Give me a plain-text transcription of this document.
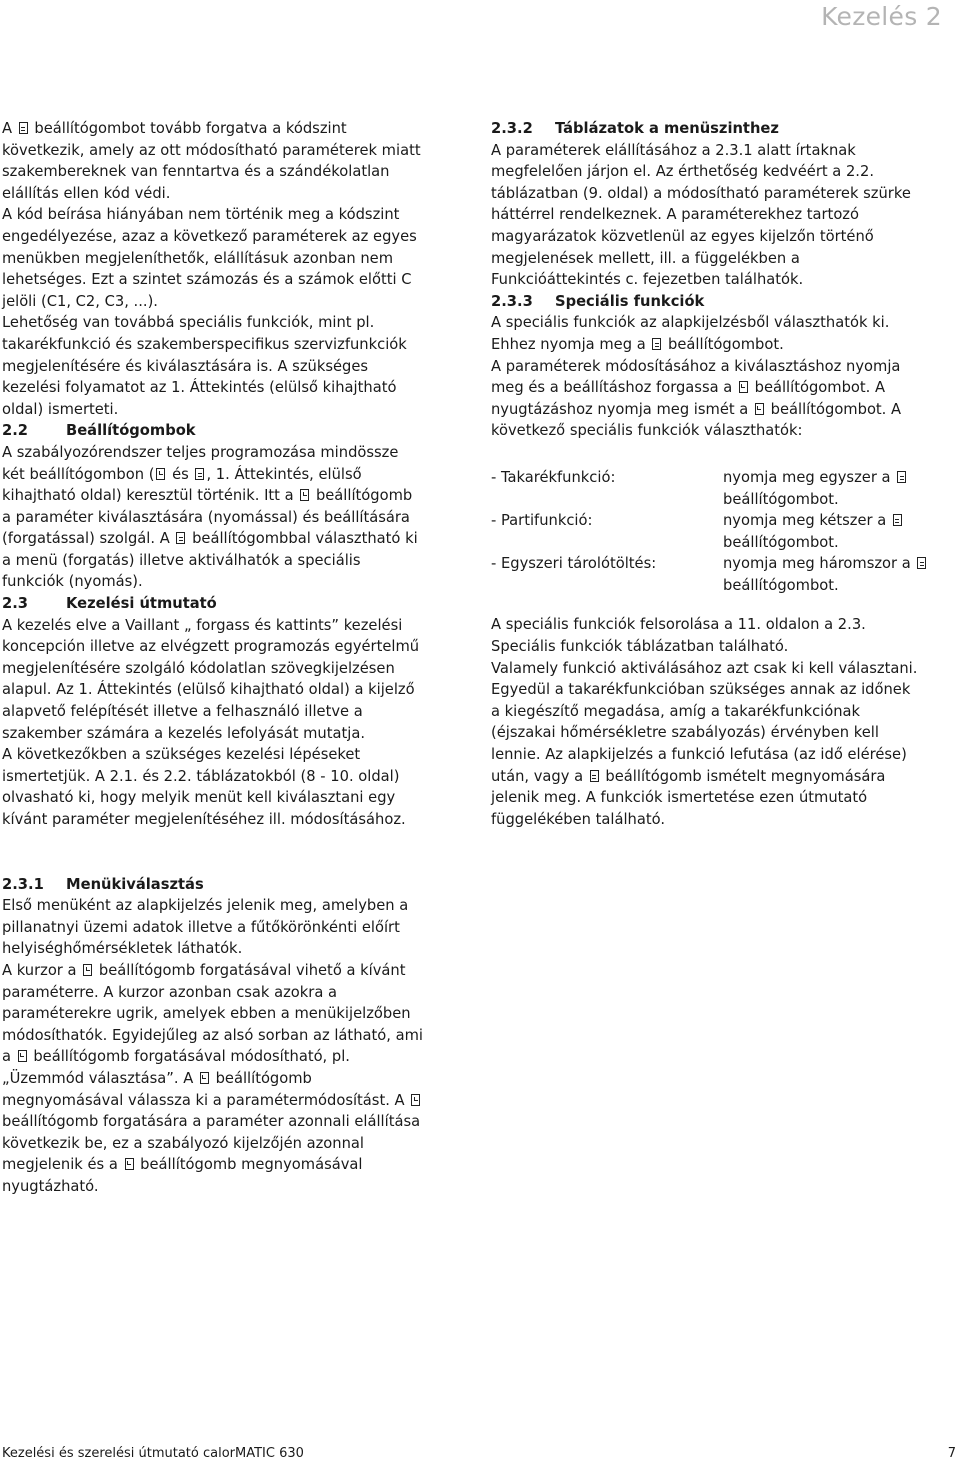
Kezelés 2

A  beállítógombot tovább forgatva a kódszint
következik, amely az ott módosítható paraméterek miatt
szakembereknek van fenntartva és a szándékolatlan
elállítás ellen kód védi.
A kód beírása hiányában nem történik meg a kódszint
engedélyezése, azaz a következő paraméterek az egyes
menükben megjeleníthetők, elállításuk azonban nem
lehetséges. Ezt a szintet számozás és a számok előtti C
jelöli (C1, C2, C3, ...).
Lehetőség van továbbá speciális funkciók, mint pl.
takarékfunkció és szakemberspecifikus szervizfunkciók
megjelenítésére és kiválasztására is. A szükséges
kezelési folyamatot az 1. Áttekintés (elülső kihajtható
oldal) ismerteti.

2.2	Beállítógombok

A szabályozórendszer teljes programozása mindössze
két beállítógombon ( és , 1. Áttekintés, elülső
kihajtható oldal) keresztül történik. Itt a  beállítógomb
a paraméter kiválasztására (nyomással) és beállítására
(forgatással) szolgál. A  beállítógombbal választható ki
a menü (forgatás) illetve aktiválhatók a speciális
funkciók (nyomás).

2.3	Kezelési útmutató

A kezelés elve a Vaillant „ forgass és kattints” kezelési
koncepción illetve az elvégzett programozás egyértelmű
megjelenítésére szolgáló kódolatlan szövegkijelzésen
alapul. Az 1. Áttekintés (elülső kihajtható oldal) a kijelző
alapvető felépítését illetve a felhasználó illetve a
szakember számára a kezelés lefolyását mutatja.

A következőkben a szükséges kezelési lépéseket
ismertetjük. A 2.1. és 2.2. táblázatokból (8 - 10. oldal)
olvasható ki, hogy melyik menüt kell kiválasztani egy
kívánt paraméter megjelenítéséhez ill. módosításához.

2.3.1 Menükiválasztás

Első menüként az alapkijelzés jelenik meg, amelyben a
pillanatnyi üzemi adatok illetve a fűtőkörönkénti előírt
helyiséghőmérsékletek láthatók.
A kurzor a  beállítógomb forgatásával vihető a kívánt
paraméterre. A kurzor azonban csak azokra a
paraméterekre ugrik, amelyek ebben a menükijelzőben
módosíthatók. Egyidejűleg az alsó sorban az látható, ami
a  beállítógomb forgatásával módosítható, pl.
„Üzemmód választása”. A  beállítógomb
megnyomásával válassza ki a paramétermódosítást. A
beállítógomb forgatására a paraméter azonnali elállítása
következik be, ez a szabályozó kijelzőjén azonnal
megjelenik és a  beállítógomb megnyomásával
nyugtázható.

2.3.2 Táblázatok a menüszinthez

A paraméterek elállításához a 2.3.1 alatt írtaknak
megfelelően járjon el. Az érthetőség kedvéért a 2.2.
táblázatban (9. oldal) a módosítható paraméterek szürke
háttérrel rendelkeznek. A paraméterekhez tartozó
magyarázatok közvetlenül az egyes kijelzőn történő
megjelenések mellett, ill. a függelékben a
Funkcióáttekintés c. fejezetben találhatók.

2.3.3 Speciális funkciók

A speciális funkciók az alapkijelzésből választhatók ki.
Ehhez nyomja meg a  beállítógombot.
A paraméterek módosításához a kiválasztáshoz nyomja
meg és a beállításhoz forgassa a  beállítógombot. A
nyugtázáshoz nyomja meg ismét a  beállítógombot. A
következő speciális funkciók választhatók:

- Takarékfunkció:	nyomja meg egyszer a
beállítógombot.
- Partifunkció:	nyomja meg kétszer a
beállítógombot.
- Egyszeri tárolótöltés:	nyomja meg háromszor a
beállítógombot.

A speciális funkciók felsorolása a 11. oldalon a 2.3.
Speciális funkciók táblázatban található.

Valamely funkció aktiválásához azt csak ki kell választani.
Egyedül a takarékfunkcióban szükséges annak az időnek
a kiegészítő megadása, amíg a takarékfunkciónak
(éjszakai hőmérsékletre szabályozás) érvényben kell
lennie. Az alapkijelzés a funkció lefutása (az idő elérése)
után, vagy a  beállítógomb ismételt megnyomására
jelenik meg. A funkciók ismertetése ezen útmutató
függelékében található.

Kezelési és szerelési útmutató calorMATIC 630	7
